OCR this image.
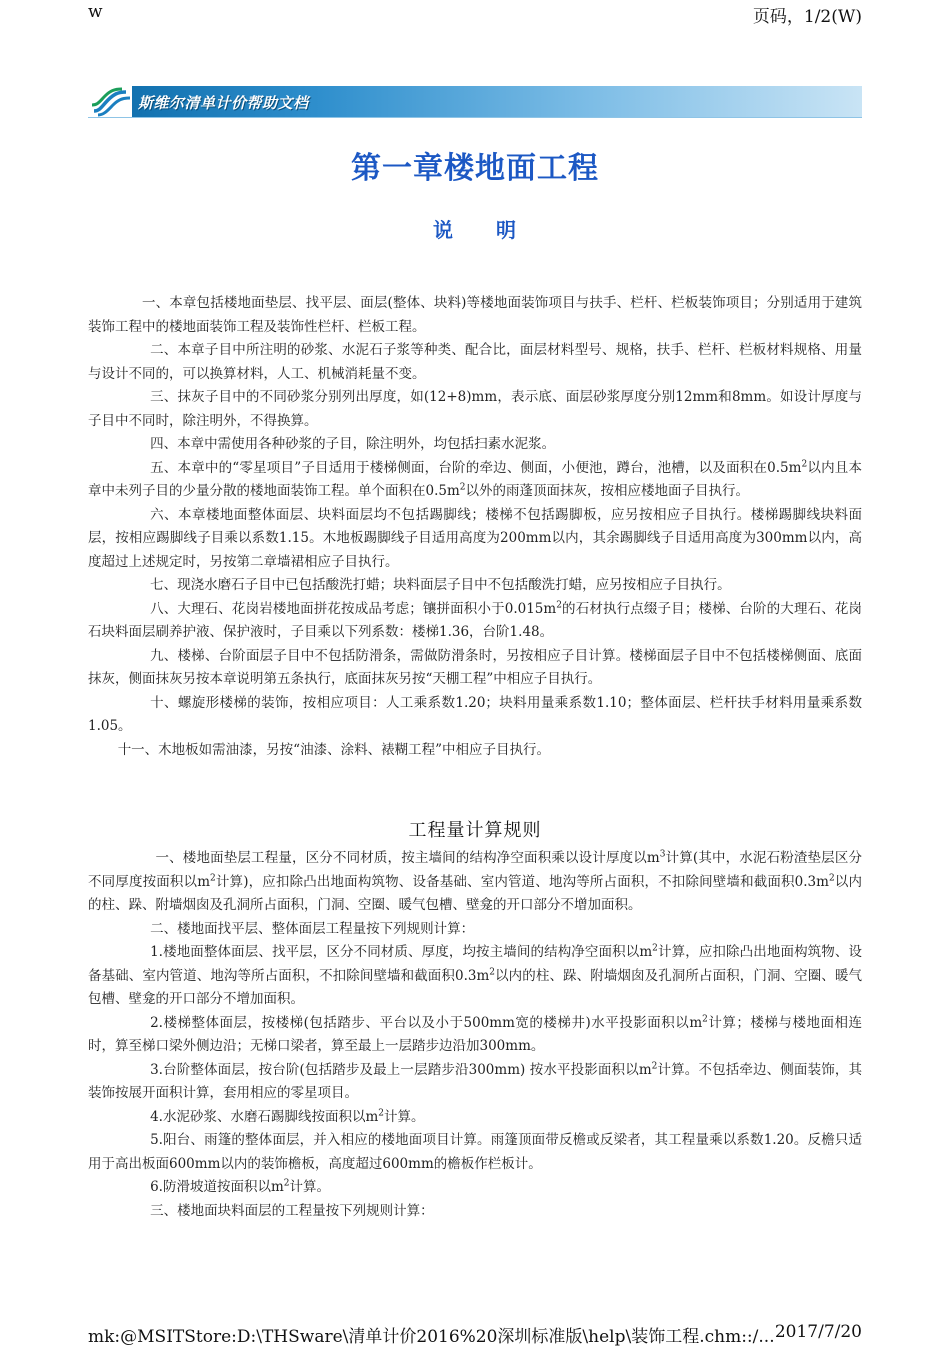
w	页码，1/2(W)
斯维尔清单计价帮助文档
第一章楼地面工程
说　　明

一、本章包括楼地面垫层、找平层、面层(整体、块料)等楼地面装饰项目与扶手、栏杆、栏板装饰项目；分别适用于建筑装饰工程中的楼地面装饰工程及装饰性栏杆、栏板工程。

二、本章子目中所注明的砂浆、水泥石子浆等种类、配合比，面层材料型号、规格，扶手、栏杆、栏板材料规格、用量与设计不同的，可以换算材料，人工、机械消耗量不变。

三、抹灰子目中的不同砂浆分别列出厚度，如(12+8)mm，表示底、面层砂浆厚度分别12mm和8mm。如设计厚度与子目中不同时，除注明外，不得换算。

四、本章中需使用各种砂浆的子目，除注明外，均包括扫素水泥浆。

五、本章中的“零星项目”子目适用于楼梯侧面，台阶的牵边、侧面，小便池，蹲台，池槽，以及面积在$0.5m^2$以内且本章中未列子目的少量分散的楼地面装饰工程。单个面积在$0.5m^2$以外的雨蓬顶面抹灰，按相应楼地面子目执行。

六、本章楼地面整体面层、块料面层均不包括踢脚线；楼梯不包括踢脚板，应另按相应子目执行。楼梯踢脚线块料面层，按相应踢脚线子目乘以系数1.15。木地板踢脚线子目适用高度为200mm以内，其余踢脚线子目适用高度为300mm以内，高度超过上述规定时，另按第二章墙裙相应子目执行。

七、现浇水磨石子目中已包括酸洗打蜡；块料面层子目中不包括酸洗打蜡，应另按相应子目执行。

八、大理石、花岗岩楼地面拼花按成品考虑；镶拼面积小于$0.015m^2$的石材执行点缀子目；楼梯、台阶的大理石、花岗石块料面层刷养护液、保护液时，子目乘以下列系数：楼梯1.36，台阶1.48。

九、楼梯、台阶面层子目中不包括防滑条，需做防滑条时，另按相应子目计算。楼梯面层子目中不包括楼梯侧面、底面抹灰，侧面抹灰另按本章说明第五条执行，底面抹灰另按“天棚工程”中相应子目执行。

十、螺旋形楼梯的装饰，按相应项目：人工乘系数1.20；块料用量乘系数1.10；整体面层、栏杆扶手材料用量乘系数1.05。

十一、木地板如需油漆，另按“油漆、涂料、裱糊工程”中相应子目执行。

工程量计算规则

一、楼地面垫层工程量，区分不同材质，按主墙间的结构净空面积乘以设计厚度以$m^3$计算(其中，水泥石粉渣垫层区分不同厚度按面积以$m^2$计算)，应扣除凸出地面构筑物、设备基础、室内管道、地沟等所占面积，不扣除间壁墙和截面积$0.3m^2$以内的柱、跺、附墙烟囱及孔洞所占面积，门洞、空圈、暖气包槽、壁龛的开口部分不增加面积。

二、楼地面找平层、整体面层工程量按下列规则计算：

1.楼地面整体面层、找平层，区分不同材质、厚度，均按主墙间的结构净空面积以$m^2$计算，应扣除凸出地面构筑物、设备基础、室内管道、地沟等所占面积，不扣除间壁墙和截面积$0.3m^2$以内的柱、跺、附墙烟囱及孔洞所占面积，门洞、空圈、暖气包槽、壁龛的开口部分不增加面积。

2.楼梯整体面层，按楼梯(包括踏步、平台以及小于500mm宽的楼梯井)水平投影面积以$m^2$计算；楼梯与楼地面相连时，算至梯口梁外侧边沿；无梯口梁者，算至最上一层踏步边沿加300mm。

3.台阶整体面层，按台阶(包括踏步及最上一层踏步沿300mm) 按水平投影面积以$m^2$计算。不包括牵边、侧面装饰，其装饰按展开面积计算，套用相应的零星项目。

4.水泥砂浆、水磨石踢脚线按面积以$m^2$计算。

5.阳台、雨篷的整体面层，并入相应的楼地面项目计算。雨篷顶面带反檐或反梁者，其工程量乘以系数1.20。反檐只适用于高出板面600mm以内的装饰檐板，高度超过600mm的檐板作栏板计。

6.防滑坡道按面积以$m^2$计算。

三、楼地面块料面层的工程量按下列规则计算：

mk:@MSITStore:D:\THSware\清单计价2016%20深圳标准版\help\装饰工程.chm::/... 2017/7/20
